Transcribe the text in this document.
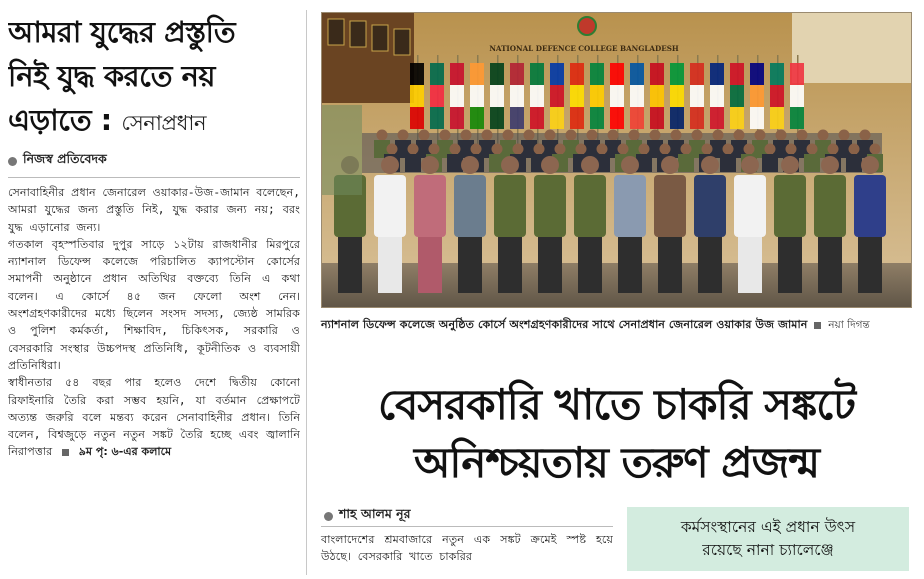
আমরা যুদ্ধের প্রস্তুতি
নিই যুদ্ধ করতে নয়
এড়াতে : সেনাপ্রধান
নিজস্ব প্রতিবেদক

সেনাবাহিনীর প্রধান জেনারেল ওয়াকার-উজ-জামান বলেছেন, আমরা যুদ্ধের জন্য প্রস্তুতি নিই, যুদ্ধ করার জন্য নয়; বরং যুদ্ধ এড়ানোর জন্য।

গতকাল বৃহস্পতিবার দুপুর সাড়ে ১২টায় রাজধানীর মিরপুরে ন্যাশনাল ডিফেন্স কলেজে পরিচালিত ক্যাপস্টোন কোর্সের সমাপনী অনুষ্ঠানে প্রধান অতিথির বক্তব্যে তিনি এ কথা বলেন। এ কোর্সে ৪৫ জন ফেলো অংশ নেন। অংশগ্রহণকারীদের মধ্যে ছিলেন সংসদ সদস্য, জ্যেষ্ঠ সামরিক ও পুলিশ কর্মকর্তা, শিক্ষাবিদ, চিকিৎসক, সরকারি ও বেসরকারি সংস্থার উচ্চপদস্থ প্রতিনিধি, কূটনীতিক ও ব্যবসায়ী প্রতিনিধিরা।

স্বাধীনতার ৫৪ বছর পার হলেও দেশে দ্বিতীয় কোনো রিফাইনারি তৈরি করা সম্ভব হয়নি, যা বর্তমান প্রেক্ষাপটে অত্যন্ত জরুরি বলে মন্তব্য করেন সেনাবাহিনীর প্রধান। তিনি বলেন, বিশ্বজুড়ে নতুন নতুন সঙ্কট তৈরি হচ্ছে এবং জ্বালানি নিরাপত্তার ৯ম পৃ: ৬-এর কলামে

NATIONAL DEFENCE COLLEGE BANGLADESH
ন্যাশনাল ডিফেন্স কলেজে অনুষ্ঠিত কোর্সে অংশগ্রহণকারীদের সাথে সেনাপ্রধান জেনারেল ওয়াকার উজ জামান নয়া দিগন্ত
বেসরকারি খাতে চাকরি সঙ্কটে
অনিশ্চয়তায় তরুণ প্রজন্ম
শাহ আলম নূর
বাংলাদেশের শ্রমবাজারে নতুন এক সঙ্কট ক্রমেই স্পষ্ট হয়ে উঠছে। বেসরকারি খাতে চাকরির
কর্মসংস্থানের এই প্রধান উৎস
রয়েছে নানা চ্যালেঞ্জে
